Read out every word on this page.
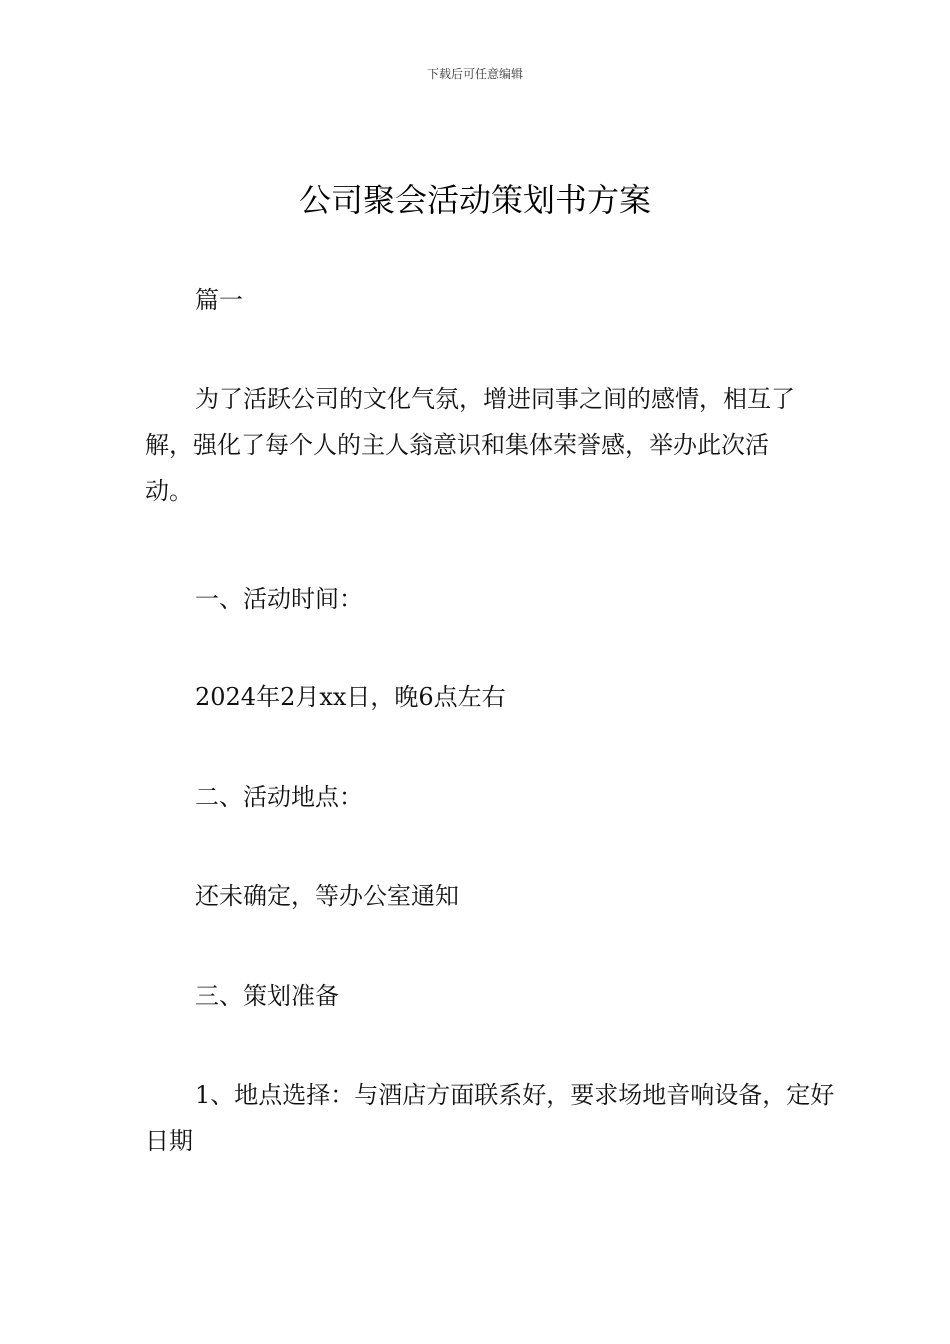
下载后可任意编辑
公司聚会活动策划书方案

篇一

为了活跃公司的文化气氛，增进同事之间的感情，相互了解，强化了每个人的主人翁意识和集体荣誉感，举办此次活动。

一、活动时间：

2024年2月xx日，晚6点左右

二、活动地点：

还未确定，等办公室通知

三、策划准备

1、地点选择：与酒店方面联系好，要求场地音响设备，定好日期
